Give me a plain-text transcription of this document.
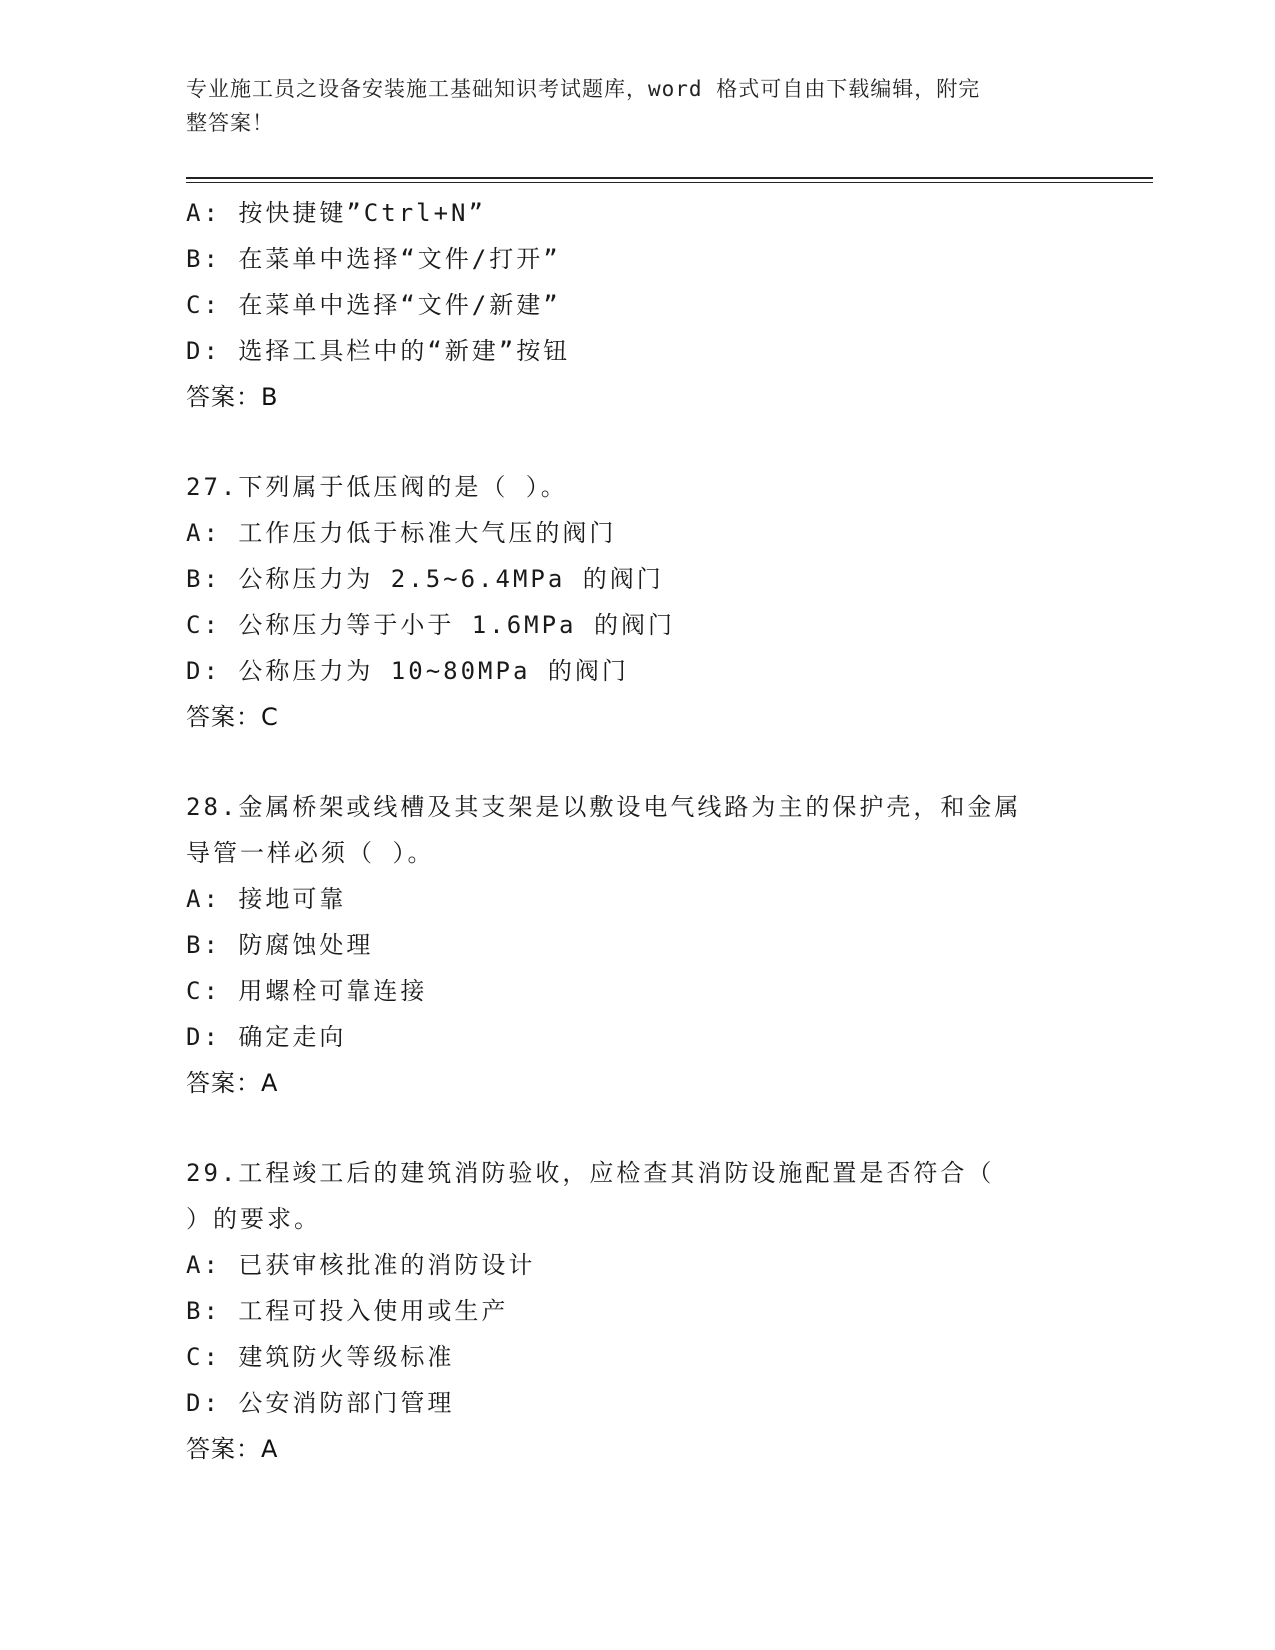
专业施工员之设备安装施工基础知识考试题库，word 格式可自由下载编辑，附完
整答案！
A: 按快捷键”Ctrl+N”
B: 在菜单中选择“文件/打开”
C: 在菜单中选择“文件/新建”
D: 选择工具栏中的“新建”按钮
答案：B
27.下列属于低压阀的是（ ）。
A: 工作压力低于标准大气压的阀门
B: 公称压力为 2.5~6.4MPa 的阀门
C: 公称压力等于小于 1.6MPa 的阀门
D: 公称压力为 10~80MPa 的阀门
答案：C
28.金属桥架或线槽及其支架是以敷设电气线路为主的保护壳，和金属
导管一样必须（ ）。
A: 接地可靠
B: 防腐蚀处理
C: 用螺栓可靠连接
D: 确定走向
答案：A
29.工程竣工后的建筑消防验收，应检查其消防设施配置是否符合（
）的要求。
A: 已获审核批准的消防设计
B: 工程可投入使用或生产
C: 建筑防火等级标准
D: 公安消防部门管理
答案：A
